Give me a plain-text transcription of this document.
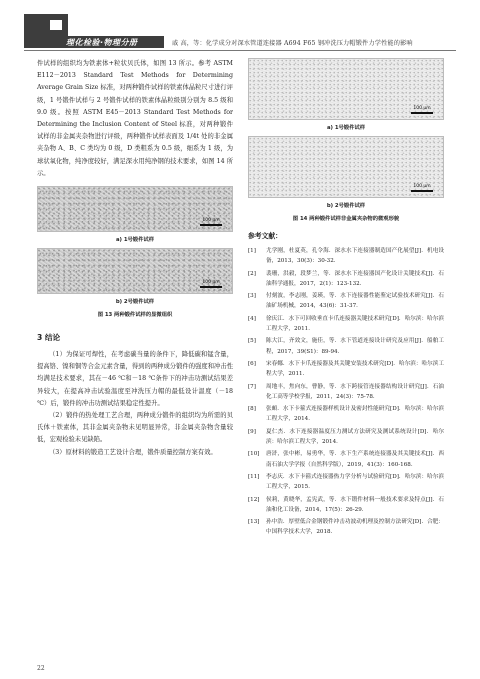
理化检验·物理分册	戚 高，等：化学成分对深水管道连接器 A694 F65 钢冲洗压力帽锻件力学性能的影响

件试样的组织均为铁素体+粒状贝氏体，如图 13 所示。参考 ASTM E112－2013 Standard Test Methods for Determining Average Grain Size 标准，对两种锻件试样的铁素体晶粒尺寸进行评级，1 号锻件试样与 2 号锻件试样的铁素体晶粒级别分别为 8.5 级和 9.0 级。按照 ASTM E45－2013 Standard Test Methods for Determining the Inclusion Content of Steel 标准，对两种锻件试样的非金属夹杂物进行评级，两种锻件试样表面及 1/4t 处的非金属夹杂物 A、B、C 类均为 0 级，D 类粗系为 0.5 级，细系为 1 级，为球状氧化物，纯净度较好，满足深水用纯净钢的技术要求，如图 14 所示。

100 μm
a) 1号锻件试样
100 μm
b) 2号锻件试样
图 13 两种锻件试样的显微组织
3 结论

（1）为保证可焊性，在考虑碳当量的条件下，降低碳和锰含量，提高铬、镍和铜等合金元素含量，得到的两种成分锻件的强度和冲击性均满足技术要求，其在－46 ℃和－18 ℃条件下的冲击功测试结果差异较大，在提高冲击试验温度至冲洗压力帽的最低设计温度（－18 ℃）后，锻件的冲击功测试结果稳定性提升。

（2）锻件的热处理工艺合理，两种成分锻件的组织均为所需的贝氏体＋铁素体，其非金属夹杂物未见明显异常，非金属夹杂物含量较低，宏观检验未见缺陷。

（3）原材料的锻造工艺设计合理，锻件质量控制方案有效。

22
100 μm
a) 1号锻件试样
100 μm
b) 2号锻件试样
图 14 两种锻件试样非金属夹杂物的微观形貌
参考文献：
[1]	尤学刚，杜夏英，孔令海．深水水下连接器制造国产化展望[J]．机电设备，2013，30(3)：30-32．
[2]	裴珊，洪毅，段梦兰，等．深水水下连接器国产化设计关键技术[J]．石油科学通报，2017，2(1)：123-132．
[3]	付刻波，李志刚，姜瑛，等．水下连接器性能鉴定试验技术研究[J]．石油矿场机械，2014，43(6)：31-37．
[4]	徐庆江．水下可回收垂直卡爪连接器关键技术研究[D]．哈尔滨：哈尔滨工程大学，2011．
[5]	陈大江，齐效文，施佳，等．水下管道连接设计研究及应用[J]．船舶工程，2017，39(S1)：89-94．
[6]	宋春娜．水下卡爪连接器及其关键安装技术研究[D]．哈尔滨：哈尔滨工程大学，2011．
[7]	周地丰，焦向东，曹静，等．水下跨接管连接器结构设计研究[J]．石油化工高等学校学报，2011，24(3)：75-78．
[8]	张頔．水下卡箍式连接器样机设计及密封性能研究[D]．哈尔滨：哈尔滨工程大学，2014．
[9]	夏仁杰．水下连接器温度压力测试方法研究及测试系统设计[D]．哈尔滨：哈尔滨工程大学，2014．
[10]	唐浒，张中彬，易勇华，等．水下生产系统连接器及其关键技术[J]．西南石油大学学报（自然科学版），2019，41(3)：160-168．
[11]	李志庆．水下卡箍式连接器热力学分析与试验研究[D]．哈尔滨：哈尔滨工程大学，2015．
[12]	侯莉，黄晓华，孟宪武，等．水下锻件材料一般技术要求及特点[J]．石油和化工设备，2014，17(5)：26-29．
[13]	孙中浩．厚壁低合金钢锻件冲击功波动机理及控制方法研究[D]．合肥：中国科学技术大学，2018．
